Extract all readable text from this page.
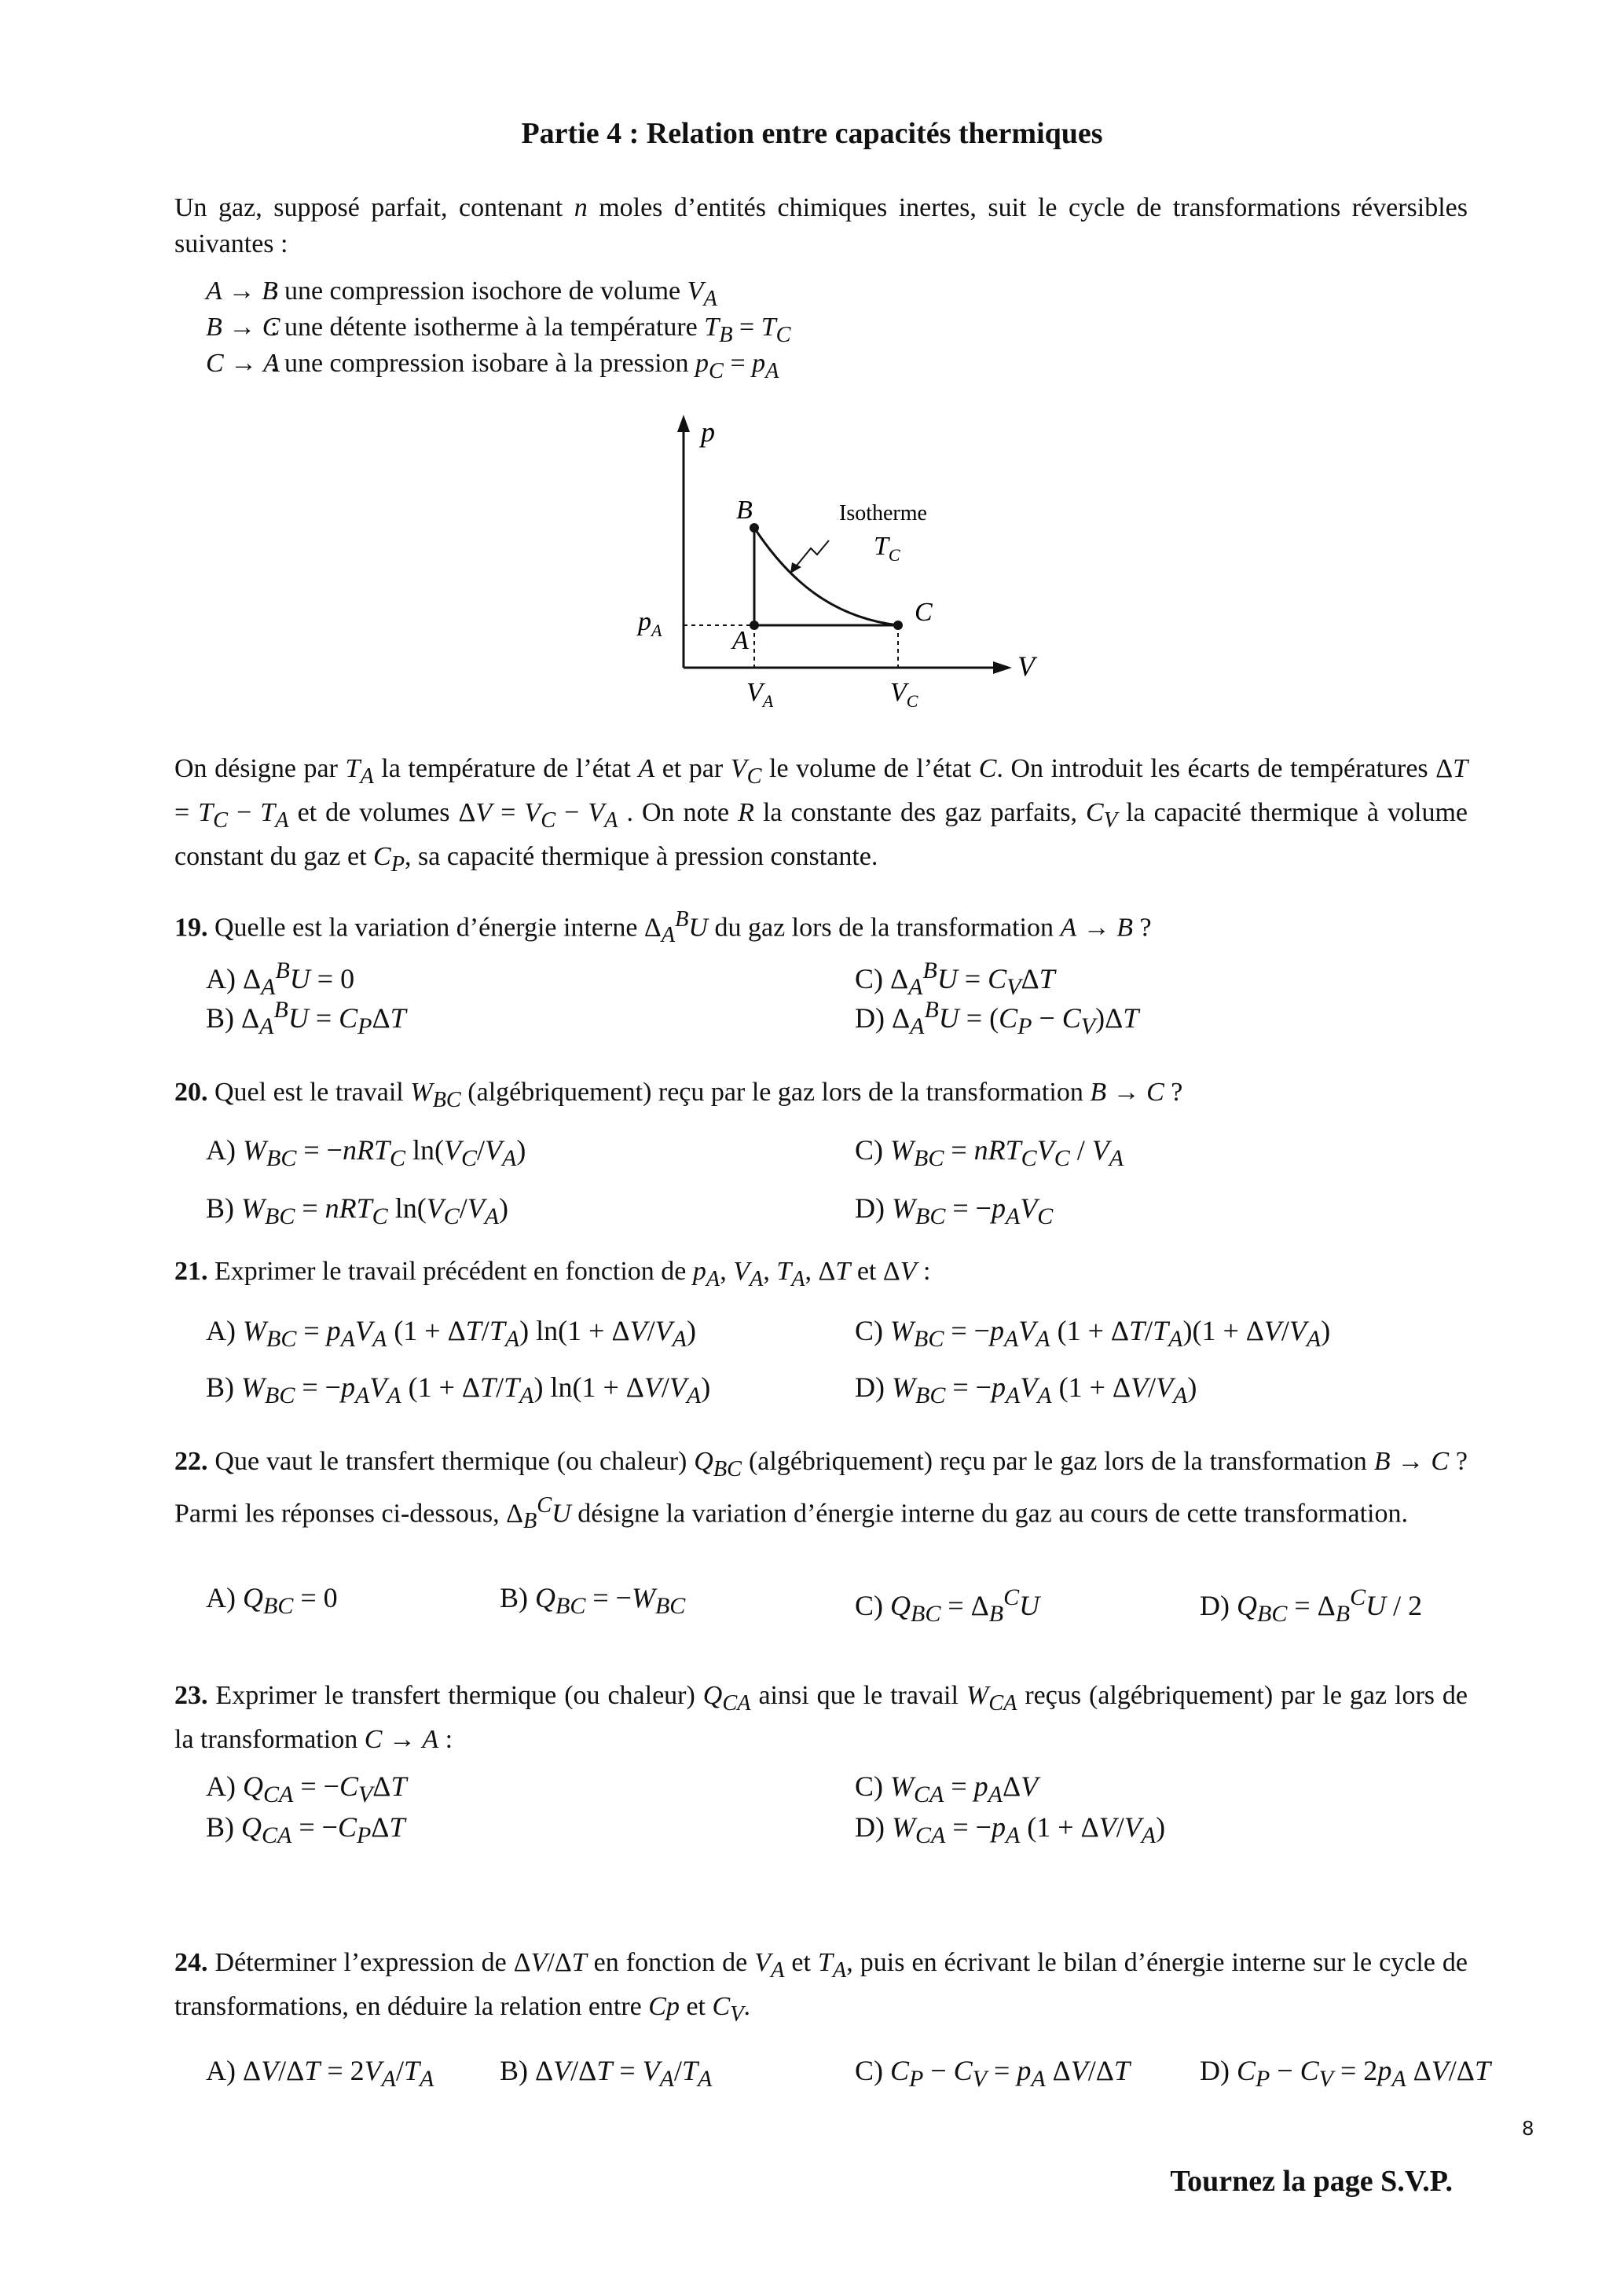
Partie 4 : Relation entre capacités thermiques
Un gaz, supposé parfait, contenant n moles d’entités chimiques inertes, suit le cycle de transformations réversibles suivantes :
A → B: une compression isochore de volume $V_A$
B → C: une détente isotherme à la température $T_B = T_C$
C → A: une compression isobare à la pression $p_C = p_A$
p
V
B
A
C
Isotherme
$T_C$
$p_A$
$V_A$	$V_C$
On désigne par $T_A$ la température de l’état A et par $V_C$ le volume de l’état C. On introduit les écarts de températures $\Delta T = T_C - T_A$ et de volumes $\Delta V = V_C - V_A$ . On note R la constante des gaz parfaits, $C_V$ la capacité thermique à volume constant du gaz et $C_P$, sa capacité thermique à pression constante.
19. Quelle est la variation d’énergie interne $\Delta_A^BU$ du gaz lors de la transformation A → B ?
A) $\Delta_A^BU = 0$
B) $\Delta_A^BU = C_P\Delta T$
C) $\Delta_A^BU = C_V\Delta T$
D) $\Delta_A^BU = (C_P - C_V)\Delta T$
20. Quel est le travail $W_{BC}$ (algébriquement) reçu par le gaz lors de la transformation B → C ?
A) $W_{BC} = -nRT_C$ $\ln(V_C/V_A)$
B) $W_{BC} = nRT_C$ $\ln(V_C/V_A)$
C) $W_{BC} = nRT_CV_C / V_A$
D) $W_{BC} = -p_AV_C$
21. Exprimer le travail précédent en fonction de $p_A$, $V_A$, $T_A$, ΔT et ΔV :
A) $W_{BC} = p_AV_A$ $(1 + \Delta T/T_A)$ $\ln(1 + \Delta V/V_A)$
B) $W_{BC} = -p_AV_A$ $(1 + \Delta T/T_A)$ $\ln(1 + \Delta V/V_A)$
C) $W_{BC} = -p_AV_A$ $(1 + \Delta T/T_A)(1 + \Delta V/V_A)$
D) $W_{BC} = -p_AV_A$ $(1 + \Delta V/V_A)$
22. Que vaut le transfert thermique (ou chaleur) $Q_{BC}$ (algébriquement) reçu par le gaz lors de la transformation B → C ? Parmi les réponses ci-dessous, $\Delta_B^CU$ désigne la variation d’énergie interne du gaz au cours de cette transformation.
A) $Q_{BC} = 0$	B) $Q_{BC} = -W_{BC}$	C) $Q_{BC} = \Delta_B^CU$	D) $Q_{BC} = \Delta_B^CU / 2$
23. Exprimer le transfert thermique (ou chaleur) $Q_{CA}$ ainsi que le travail $W_{CA}$ reçus (algébriquement) par le gaz lors de la transformation C → A :
A) $Q_{CA} = -C_V\Delta T$
B) $Q_{CA} = -C_P\Delta T$
C) $W_{CA} = p_A\Delta V$
D) $W_{CA} = -p_A$ $(1 + \Delta V/V_A)$
24. Déterminer l’expression de ΔV/ΔT en fonction de $V_A$ et $T_A$, puis en écrivant le bilan d’énergie interne sur le cycle de transformations, en déduire la relation entre Cp et $C_V$.
A) $\Delta V/\Delta T = 2V_A/T_A$ B) $\Delta V/\Delta T = V_A/T_A$	C) $C_P - C_V = p_A$ ΔV/ΔT D) $C_P - C_V = 2p_A$ ΔV/ΔT
8
Tournez la page S.V.P.
